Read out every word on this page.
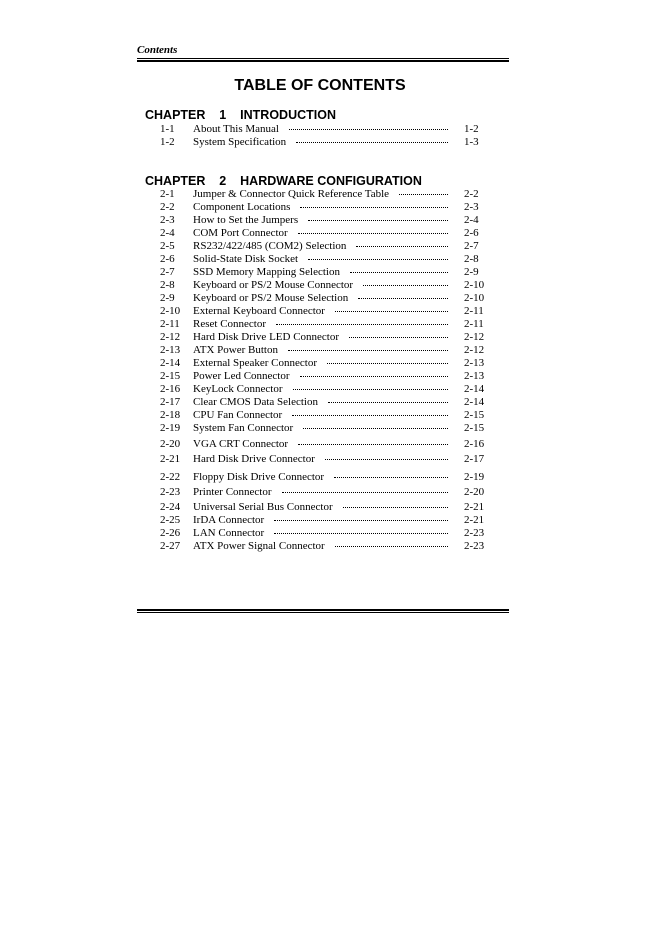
Contents
TABLE OF CONTENTS
CHAPTER    1    INTRODUCTION
1-1 About This Manual	1-2
1-2 System Specification	1-3
CHAPTER    2    HARDWARE CONFIGURATION
2-1 Jumper & Connector Quick Reference Table	2-2
2-2 Component Locations	2-3
2-3 How to Set the Jumpers	2-4
2-4 COM Port Connector	2-6
2-5 RS232/422/485 (COM2) Selection	2-7
2-6 Solid-State Disk Socket	2-8
2-7 SSD Memory Mapping Selection	2-9
2-8 Keyboard or PS/2 Mouse Connector	2-10
2-9 Keyboard or PS/2 Mouse Selection	2-10
2-10 External Keyboard Connector	2-11
2-11 Reset Connector	2-11
2-12 Hard Disk Drive LED Connector	2-12
2-13 ATX Power Button	2-12
2-14 External Speaker Connector	2-13
2-15 Power Led Connector	2-13
2-16 KeyLock Connector	2-14
2-17 Clear CMOS Data Selection	2-14
2-18 CPU Fan Connector	2-15
2-19 System Fan Connector	2-15
2-20 VGA CRT Connector	2-16
2-21 Hard Disk Drive Connector	2-17
2-22 Floppy Disk Drive Connector	2-19
2-23 Printer Connector	2-20
2-24 Universal Serial Bus Connector	2-21
2-25 IrDA Connector	2-21
2-26 LAN Connector	2-23
2-27 ATX Power Signal Connector	2-23
